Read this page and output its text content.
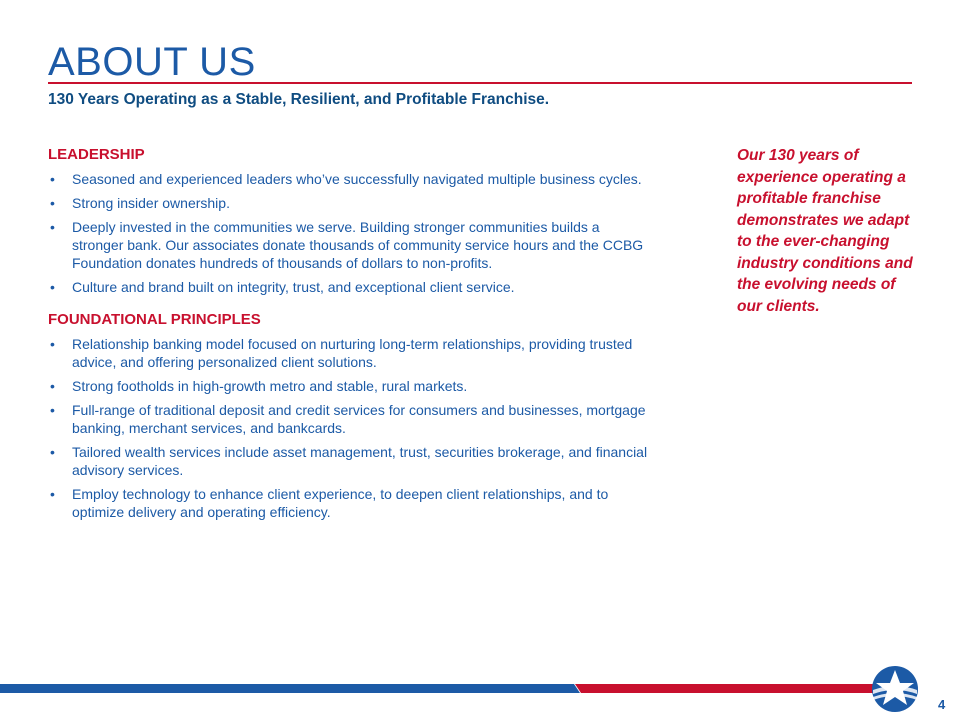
ABOUT US

130 Years Operating as a Stable, Resilient, and Profitable Franchise.

LEADERSHIP
• Seasoned and experienced leaders who’ve successfully navigated multiple business cycles.
• Strong insider ownership.
• Deeply invested in the communities we serve. Building stronger communities builds a stronger bank. Our associates donate thousands of community service hours and the CCBG Foundation donates hundreds of thousands of dollars to non-profits.
• Culture and brand built on integrity, trust, and exceptional client service.
FOUNDATIONAL PRINCIPLES
• Relationship banking model focused on nurturing long-term relationships, providing trusted advice, and offering personalized client solutions.
• Strong footholds in high-growth metro and stable, rural markets.
• Full-range of traditional deposit and credit services for consumers and businesses, mortgage banking, merchant services, and bankcards.
• Tailored wealth services include asset management, trust, securities brokerage, and financial advisory services.
• Employ technology to enhance client experience, to deepen client relationships, and to optimize delivery and operating efficiency.
Our 130 years of experience operating a profitable franchise demonstrates we adapt to the ever-changing industry conditions and the evolving needs of our clients.
4
